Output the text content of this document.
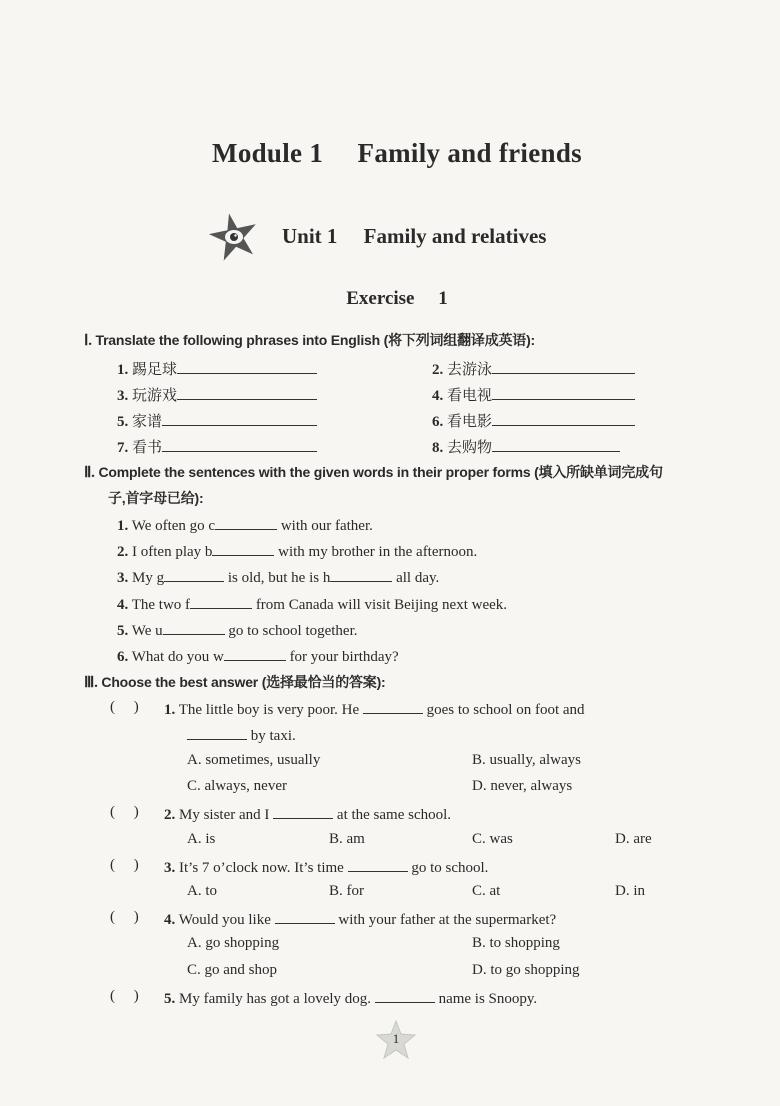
Module 1  Family and friends
Unit 1  Family and relatives
Exercise  1
Ⅰ. Translate the following phrases into English (将下列词组翻译成英语):
1. 踢足球	2. 去游泳
3. 玩游戏	4. 看电视
5. 家谱	6. 看电影
7. 看书	8. 去购物
Ⅱ. Complete the sentences with the given words in their proper forms (填入所缺单词完成句
子,首字母已给):
1. We often go c	with our father.
2. I often play b	with my brother in the afternoon.
3. My g	is old, but he is h	all day.
4. The two f	from Canada will visit Beijing next week.
5. We u	go to school together.
6. What do you w	for your birthday?
Ⅲ. Choose the best answer (选择最恰当的答案):
(  ) 1. The little boy is very poor. He	goes to school on foot and
by taxi.
A. sometimes, usually	B. usually, always
C. always, never	D. never, always
(  ) 2. My sister and I	at the same school.
A. is	B. am	C. was	D. are
(  ) 3. It’s 7 o’clock now. It’s time	go to school.
A. to	B. for	C. at	D. in
(  ) 4. Would you like	with your father at the supermarket?
A. go shopping	B. to shopping
C. go and shop	D. to go shopping
(  ) 5. My family has got a lovely dog.	name is Snoopy.
1
